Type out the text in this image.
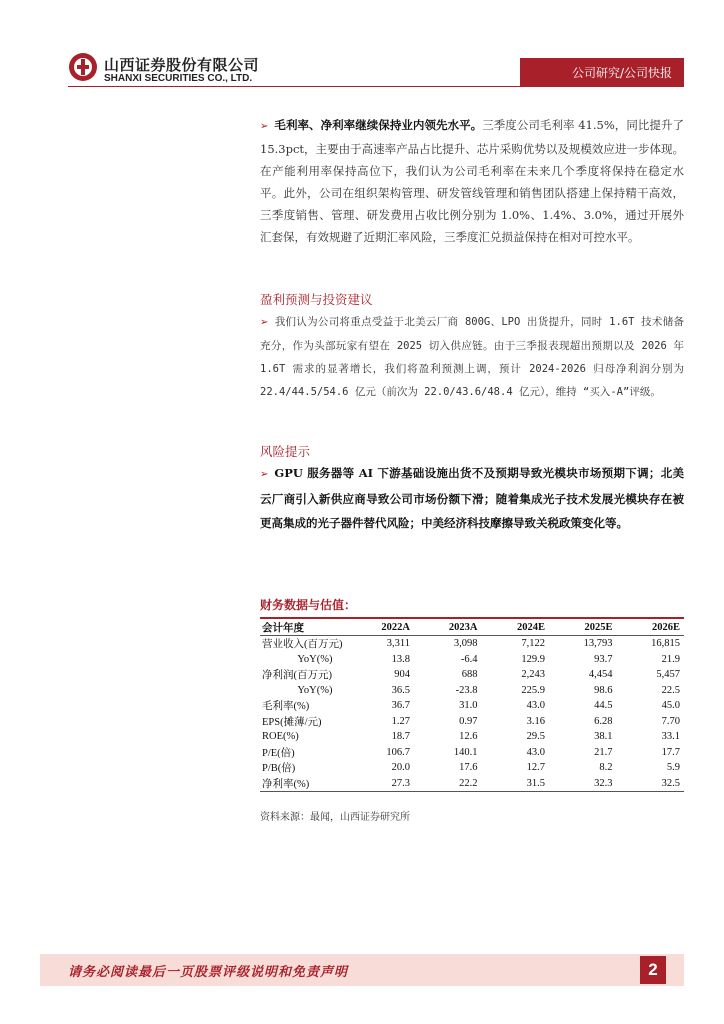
山西证券股份有限公司
SHANXI SECURITIES CO., LTD.	公司研究/公司快报
➢ 毛利率、净利率继续保持业内领先水平。三季度公司毛利率 41.5%，同比提升了 15.3pct，主要由于高速率产品占比提升、芯片采购优势以及规模效应进一步体现。在产能利用率保持高位下，我们认为公司毛利率在未来几个季度将保持在稳定水平。此外，公司在组织架构管理、研发管线管理和销售团队搭建上保持精干高效，三季度销售、管理、研发费用占收比例分别为 1.0%、1.4%、3.0%，通过开展外汇套保，有效规避了近期汇率风险，三季度汇兑损益保持在相对可控水平。
盈利预测与投资建议
➢ 我们认为公司将重点受益于北美云厂商 800G、LPO 出货提升，同时 1.6T 技术储备充分，作为头部玩家有望在 2025 切入供应链。由于三季报表现超出预期以及 2026 年 1.6T 需求的显著增长，我们将盈利预测上调，预计 2024-2026 归母净利润分别为 22.4/44.5/54.6 亿元（前次为 22.0/43.6/48.4 亿元），维持 “买入-A”评级。
风险提示
➢ GPU 服务器等 AI 下游基础设施出货不及预期导致光模块市场预期下调；北美云厂商引入新供应商导致公司市场份额下滑；随着集成光子技术发展光模块存在被更高集成的光子器件替代风险；中美经济科技摩擦导致关税政策变化等。
财务数据与估值：
会计年度	2022A	2023A	2024E	2025E	2026E
营业收入(百万元)	3,311	3,098	7,122	13,793	16,815
YoY(%)	13.8	-6.4	129.9	93.7	21.9
净利润(百万元)	904	688	2,243	4,454	5,457
YoY(%)	36.5	-23.8	225.9	98.6	22.5
毛利率(%)	36.7	31.0	43.0	44.5	45.0
EPS(摊薄/元)	1.27	0.97	3.16	6.28	7.70
ROE(%)	18.7	12.6	29.5	38.1	33.1
P/E(倍)	106.7	140.1	43.0	21.7	17.7
P/B(倍)	20.0	17.6	12.7	8.2	5.9
净利率(%)	27.3	22.2	31.5	32.3	32.5
资料来源：最闻，山西证券研究所
请务必阅读最后一页股票评级说明和免责声明	2
